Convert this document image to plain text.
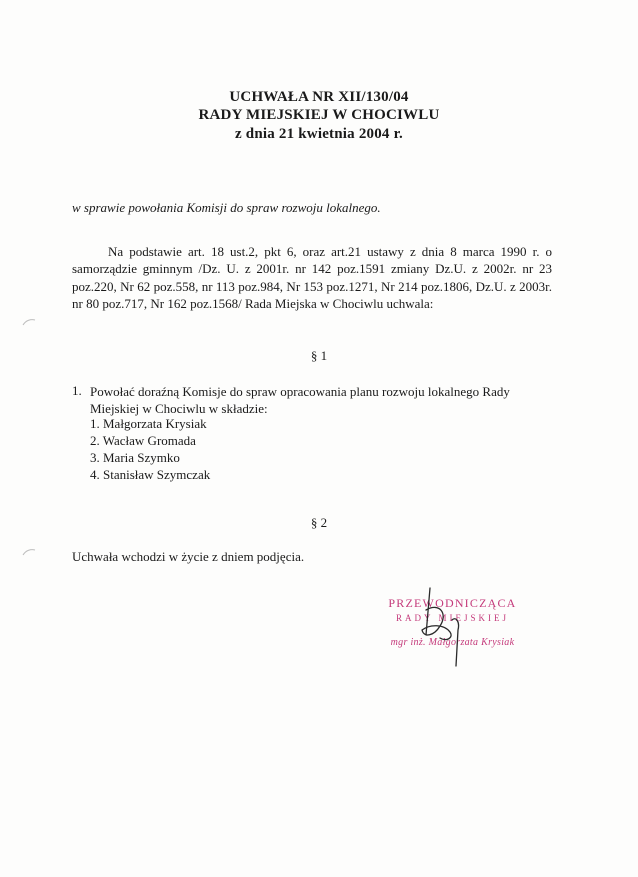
UCHWAŁA NR XII/130/04
RADY MIEJSKIEJ W CHOCIWLU
z dnia 21 kwietnia 2004 r.
w sprawie powołania Komisji do spraw rozwoju lokalnego.

Na podstawie art. 18 ust.2, pkt 6, oraz art.21 ustawy z dnia 8 marca 1990 r. o samorządzie gminnym /Dz. U. z 2001r. nr 142 poz.1591 zmiany Dz.U. z 2002r. nr 23 poz.220, Nr 62 poz.558, nr 113 poz.984, Nr 153 poz.1271, Nr 214 poz.1806, Dz.U. z 2003r. nr 80 poz.717, Nr 162 poz.1568/ Rada Miejska w Chociwlu uchwala:

§ 1
1. Powołać doraźną Komisje do spraw opracowania planu rozwoju lokalnego Rady Miejskiej w Chociwlu w składzie:

1. Małgorzata Krysiak
2. Wacław Gromada
3. Maria Szymko
4. Stanisław Szymczak
§ 2
Uchwała wchodzi w życie z dniem podjęcia.
PRZEWODNICZĄCA
RADY MIEJSKIEJ
mgr inż. Małgorzata Krysiak
